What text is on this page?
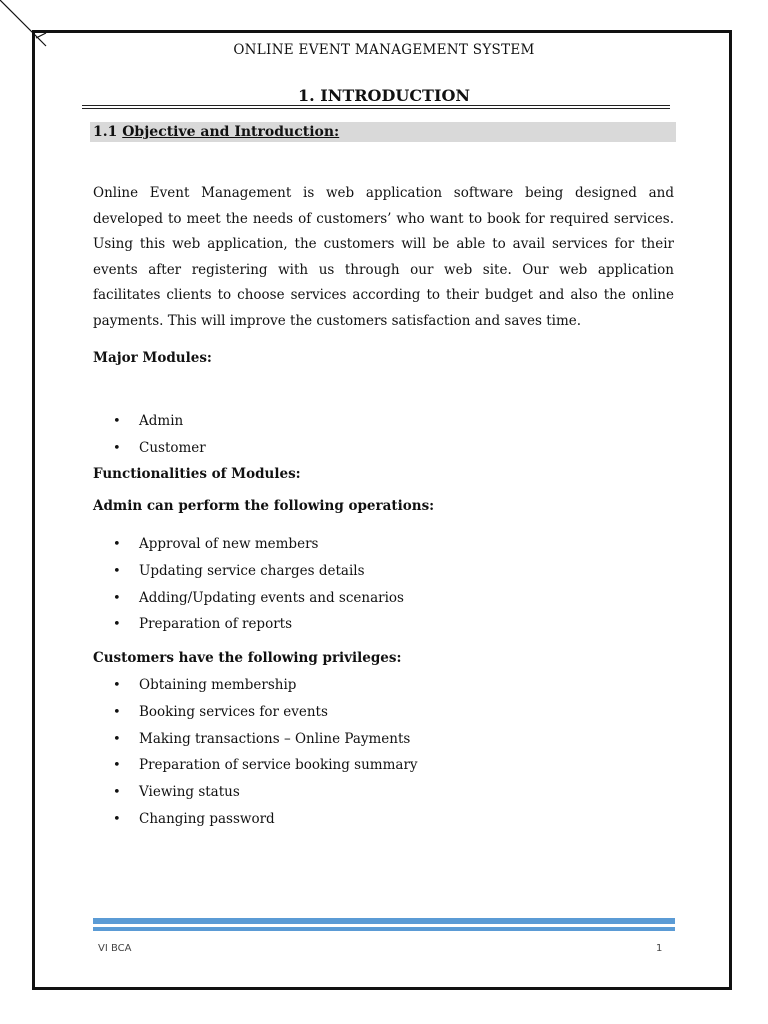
ONLINE EVENT MANAGEMENT SYSTEM
1. INTRODUCTION
1.1 Objective and Introduction:

Online Event Management is web application software being designed and developed to meet the needs of customers’ who want to book for required services. Using this web application, the customers will be able to avail services for their events after registering with us through our web site. Our web application facilitates clients to choose services according to their budget and also the online payments. This will improve the customers satisfaction and saves time.

Major Modules:

• Admin
• Customer

Functionalities of Modules:

Admin can perform the following operations:

• Approval of new members
• Updating service charges details
• Adding/Updating events and scenarios
• Preparation of reports

Customers have the following privileges:

• Obtaining membership
• Booking services for events
• Making transactions – Online Payments
• Preparation of service booking summary
• Viewing status
• Changing password
VI BCA	1
